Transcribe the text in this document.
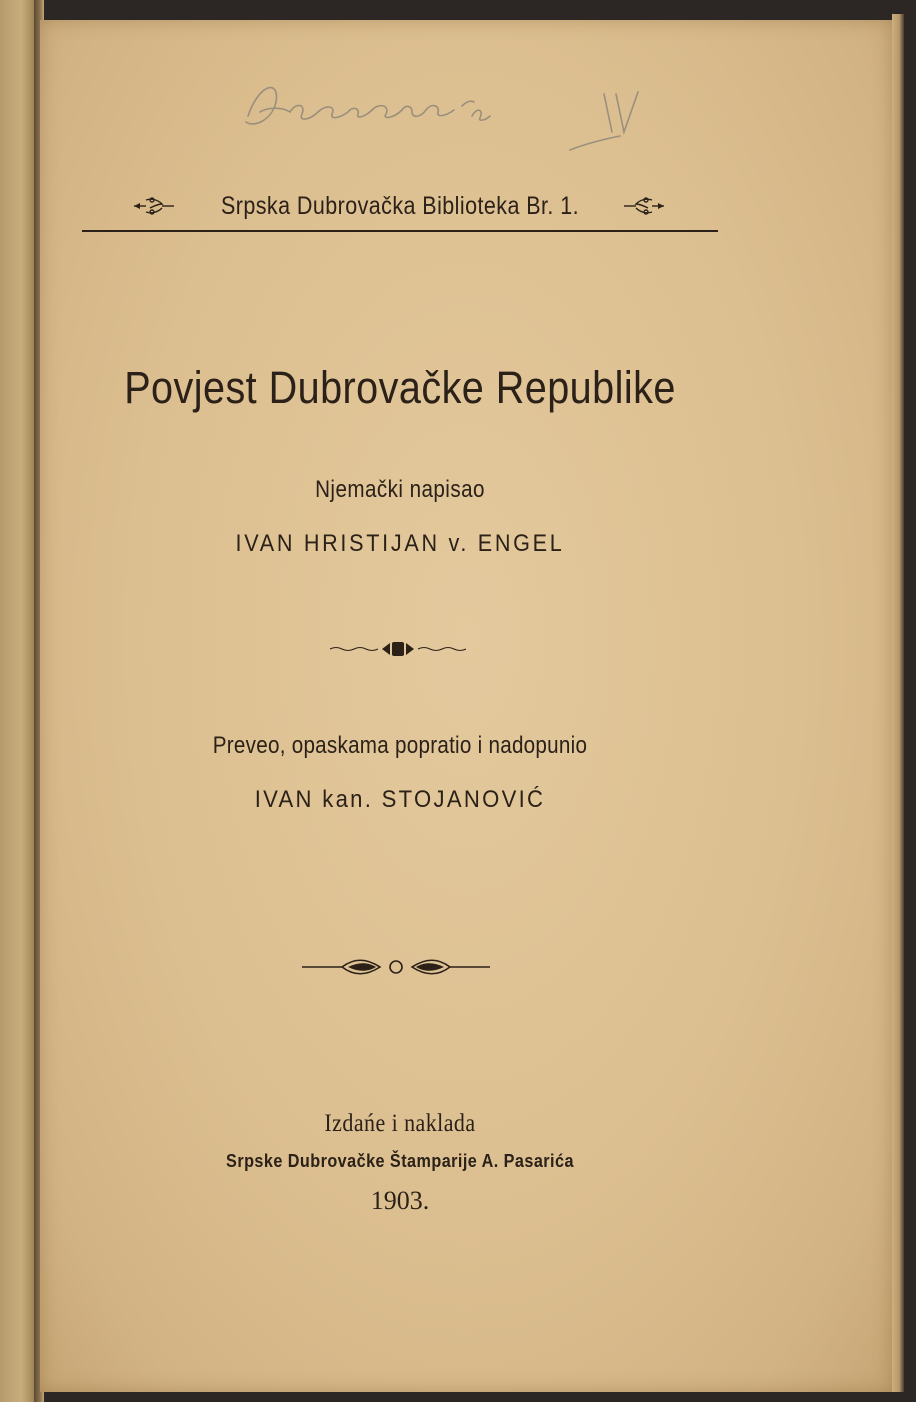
Srpska Dubrovačka Biblioteka Br. 1.
Povjest Dubrovačke Republike
Njemački napisao
IVAN HRISTIJAN v. ENGEL
Preveo, opaskama popratio i nadopunio
IVAN kan. STOJANOVIĆ
Izdańe i naklada
Srpske Dubrovačke Štamparije A. Pasarića
1903.
